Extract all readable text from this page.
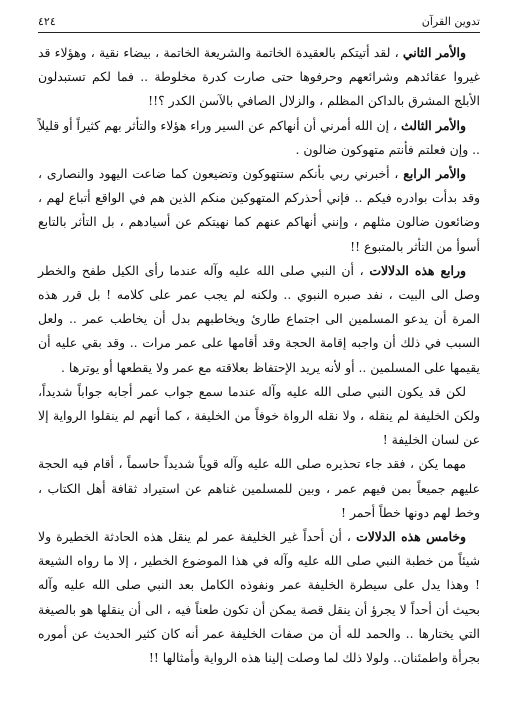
تدوين القرآن
٤٢٤

والأمر الثاني ، لقد أتيتكم بالعقيدة الخاتمة والشريعة الخاتمة ، بيضاء نقية ، وهؤلاء قد غيروا عقائدهم وشرائعهم وحرفوها حتى صارت كدرة مخلوطة .. فما لكم تستبدلون الأبلج المشرق بالداكن المظلم ، والزلال الصافي بالآسن الكدر ؟!!

والأمر الثالث ، إن الله أمرني أن أنهاكم عن السير وراء هؤلاء والتأثر بهم كثيراً أو قليلاً .. وإن فعلتم فأنتم متهوكون ضالون .

والأمر الرابع ، أخبرني ربي بأنكم ستتهوكون وتضيعون كما ضاعت اليهود والنصارى ، وقد بدأت بوادره فيكم .. فإني أحذركم المتهوكين منكم الذين هم في الواقع أتباع لهم ، وضائعون ضالون مثلهم ، وإنني أنهاكم عنهم كما نهيتكم عن أسيادهم ، بل التأثر بالتابع أسوأ من التأثر بالمتبوع !!

ورابع هذه الدلالات ، أن النبي صلى الله عليه وآله عندما رأى الكيل طفح والخطر وصل الى البيت ، نفد صبره النبوي .. ولكنه لم يجب عمر على كلامه ! بل قرر هذه المرة أن يدعو المسلمين الى اجتماع طارئ ويخاطبهم بدل أن يخاطب عمر .. ولعل السبب في ذلك أن واجبه إقامة الحجة وقد أقامها على عمر مرات .. وقد بقي عليه أن يقيمها على المسلمين .. أو لأنه يريد الإحتفاظ بعلاقته مع عمر ولا يقطعها أو يوترها .

لكن قد يكون النبي صلى الله عليه وآله عندما سمع جواب عمر أجابه جواباً شديداً، ولكن الخليفة لم ينقله ، ولا نقله الرواة خوفاً من الخليفة ، كما أنهم لم ينقلوا الرواية إلا عن لسان الخليفة !

مهما يكن ، فقد جاء تحذيره صلى الله عليه وآله قوياً شديداً حاسماً ، أقام فيه الحجة عليهم جميعاً بمن فيهم عمر ، وبين للمسلمين غناهم عن استيراد ثقافة أهل الكتاب ، وخط لهم دونها خطاً أحمر !

وخامس هذه الدلالات ، أن أحداً غير الخليفة عمر لم ينقل هذه الحادثة الخطيرة ولا شيئاً من خطبة النبي صلى الله عليه وآله في هذا الموضوع الخطير ، إلا ما رواه الشيعة ! وهذا يدل على سيطرة الخليفة عمر ونفوذه الكامل بعد النبي صلى الله عليه وآله بحيث أن أحداً لا يجرؤ أن ينقل قصة يمكن أن تكون طعناً فيه ، الى أن ينقلها هو بالصيغة التي يختارها .. والحمد لله أن من صفات الخليفة عمر أنه كان كثير الحديث عن أموره بجرأة واطمئنان.. ولولا ذلك لما وصلت إلينا هذه الرواية وأمثالها !!
